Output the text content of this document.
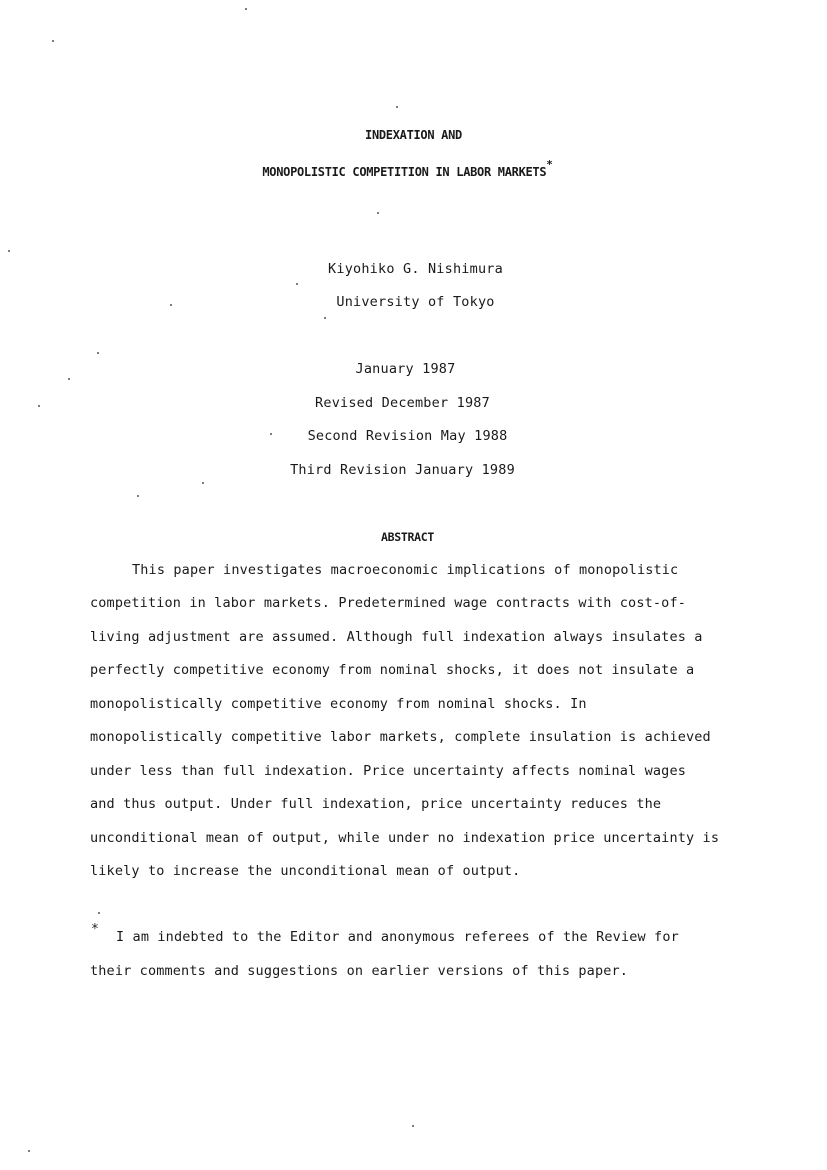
INDEXATION AND
MONOPOLISTIC COMPETITION IN LABOR MARKETS*
Kiyohiko G. Nishimura
University of Tokyo
January 1987
Revised December 1987
Second Revision May 1988
Third Revision January 1989
ABSTRACT
This paper investigates macroeconomic implications of monopolistic
competition in labor markets. Predetermined wage contracts with cost-of-
living adjustment are assumed. Although full indexation always insulates a
perfectly competitive economy from nominal shocks, it does not insulate a
monopolistically competitive economy from nominal shocks. In
monopolistically competitive labor markets, complete insulation is achieved
under less than full indexation. Price uncertainty affects nominal wages
and thus output. Under full indexation, price uncertainty reduces the
unconditional mean of output, while under no indexation price uncertainty is
likely to increase the unconditional mean of output.
* I am indebted to the Editor and anonymous referees of the Review for
their comments and suggestions on earlier versions of this paper.
